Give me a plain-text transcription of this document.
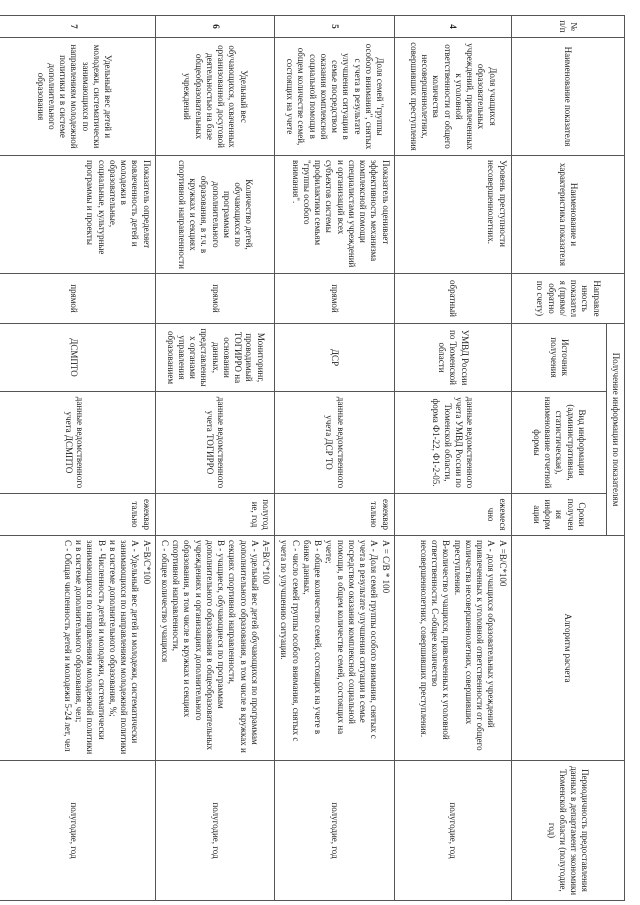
№ п/п	Наименование показателя	Наименование и характеристика показателя	Направленность показателя (прямо/обратно по счету)	Получение информации по показателям			Алгоритм расчета	Периодичность предоставления данных в департамент экономики Тюменской области (полугодие, год)
				Источник получения	Вид информации (административная, статистическая), наименование отчетной формы	Сроки получения информации		
4	Доля учащихся образовательных учреждений, привлеченных к уголовной ответственности от общего количества несовершеннолетних, совершивших преступления	Уровень преступности несовершеннолетних.	обратный	УМВД России по Тюменской области	данные ведомственного учета УМВД России по Тюменской области, форма Ф1-22, Ф1-2-05.	ежемесячно	А =В/С*100
А - доля учащихся образовательных учреждений привлеченных к уголовной ответственности от общего количества несовершеннолетних, совершивших преступления.
В-количество учащихся, привлеченных к уголовной ответственности. С-общее количество несовершеннолетних, совершивших преступления.	полугодие, год
5	Доля семей "группы особого внимания", снятых с учета в результате улучшения ситуации в семье посредством оказания комплексной социальной помощи в общем количестве семей, состоящих на учете	Показатель оценивает эффективность механизма комплексной помощи специалистами учреждений и организаций всех субъектов системы профилактики семьям "группы особого внимания".	прямой	ДСР	данные ведомственного учета ДСР ТО	ежеквартально	А = С/В * 100
А - Доля семей группы особого внимания, снятых с учета в результате улучшения ситуации в семье посредством оказания комплексной социальной помощи, в общем количестве семей, состоящих на учете;
В - общее количество семей, состоящих на учете в банке данных,
С - число семей группы особого внимания, снятых с учета по улучшению ситуации.	полугодие, год
6	Удельный вес обучающихся, охваченных организованной досуговой деятельностью на базе общеобразовательных учреждений	Количество детей, обучающихся по программам дополнительного образования, в т.ч. в кружках и секциях спортивной направленности	прямой	Мониторинг, проводимый ТОГИРРО на основании данных, представленных органами управления образованием	данные ведомственного учета ТОГИРРО	полугодие, год	А=В/С*100
А - удельный вес детей обучающихся по программам дополнительного образования, в том числе в кружках и секциях спортивной направленности,
В - учащиеся, обучающиеся по программам дополнительного образования в общеобразовательных учреждениях и организациях дополнительного образования, в том числе в кружках и секциях спортивной направленности,
С - общее количество учащихся	полугодие, год
7	Удельный вес детей и молодежи, систематически занимающихся по направлениям молодежной политики и в системе дополнительного образования	Показатель определяет вовлеченность детей и молодежи в образовательные, социальные, культурные программы и проекты	прямой	ДСМПТО	данные ведомственного учета ДСМПТО	ежеквартально	А=В/С*100
А - Удельный вес детей и молодежи, систематически занимающихся по направлениям молодежной политики и в системе дополнительного образования, %;
В - Численность детей и молодежи, систематически занимающихся по направлениям молодежной политики и в системе дополнительного образования, чел;
С - Общая численность детей и молодежи 5-24 лет, чел	полугодие, год
